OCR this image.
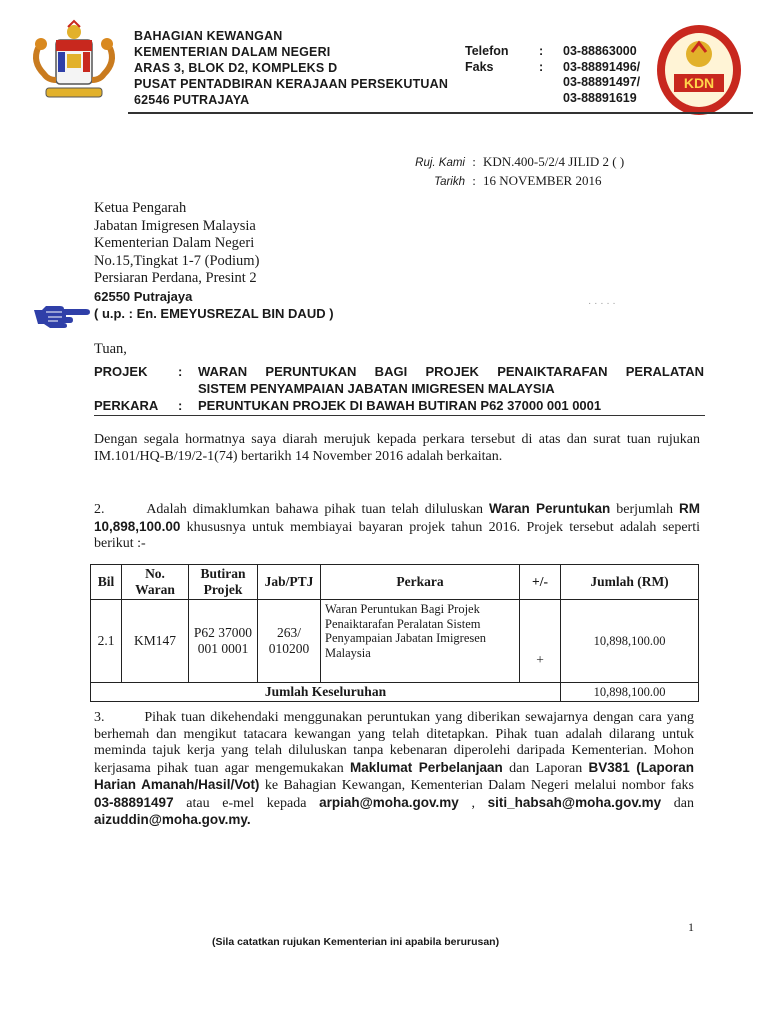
BAHAGIAN KEWANGAN
KEMENTERIAN DALAM NEGERI
ARAS 3, BLOK D2, KOMPLEKS D
PUSAT PENTADBIRAN KERAJAAN PERSEKUTUAN
62546 PUTRAJAYA
Telefon : 03-88863000
Faks	: 03-88891496/
03-88891497/
03-88891619
KDN
Ruj. Kami : KDN.400-5/2/4 JILID 2 ( )
Tarikh : 16 NOVEMBER 2016
Ketua Pengarah
Jabatan Imigresen Malaysia
Kementerian Dalam Negeri
No.15,Tingkat 1-7 (Podium)
Persiaran Perdana, Presint 2
62550 Putrajaya
( u.p. : En. EMEYUSREZAL BIN DAUD )
· · · · ·
Tuan,
PROJEK	:	WARAN PERUNTUKAN BAGI PROJEK PENAIKTARAFAN PERALATAN
		SISTEM PENYAMPAIAN JABATAN IMIGRESEN MALAYSIA
PERKARA	:	PERUNTUKAN PROJEK DI BAWAH BUTIRAN P62 37000 001 0001
Dengan segala hormatnya saya diarah merujuk kepada perkara tersebut di atas dan surat tuan rujukan IM.101/HQ-B/19/2-1(74) bertarikh 14 November 2016 adalah berkaitan.
2.	Adalah dimaklumkan bahawa pihak tuan telah diluluskan Waran Peruntukan berjumlah RM 10,898,100.00 khususnya untuk membiayai bayaran projek tahun 2016. Projek tersebut adalah seperti berikut :-
Bil	No. Waran	Butiran Projek	Jab/PTJ	Perkara	+/-	Jumlah (RM)
2.1	KM147	P62 37000 001 0001	263/ 010200	Waran Peruntukan Bagi Projek Penaiktarafan Peralatan Sistem Penyampaian Jabatan Imigresen Malaysia	+	10,898,100.00
Jumlah Keseluruhan						10,898,100.00
3.	Pihak tuan dikehendaki menggunakan peruntukan yang diberikan sewajarnya dengan cara yang berhemah dan mengikut tatacara kewangan yang telah ditetapkan. Pihak tuan adalah dilarang untuk meminda tajuk kerja yang telah diluluskan tanpa kebenaran diperolehi daripada Kementerian. Mohon kerjasama pihak tuan agar mengemukakan Maklumat Perbelanjaan dan Laporan BV381 (Laporan Harian Amanah/Hasil/Vot) ke Bahagian Kewangan, Kementerian Dalam Negeri melalui nombor faks 03-88891497 atau e-mel kepada arpiah@moha.gov.my , siti_habsah@moha.gov.my dan aizuddin@moha.gov.my.
1
(Sila catatkan rujukan Kementerian ini apabila berurusan)
